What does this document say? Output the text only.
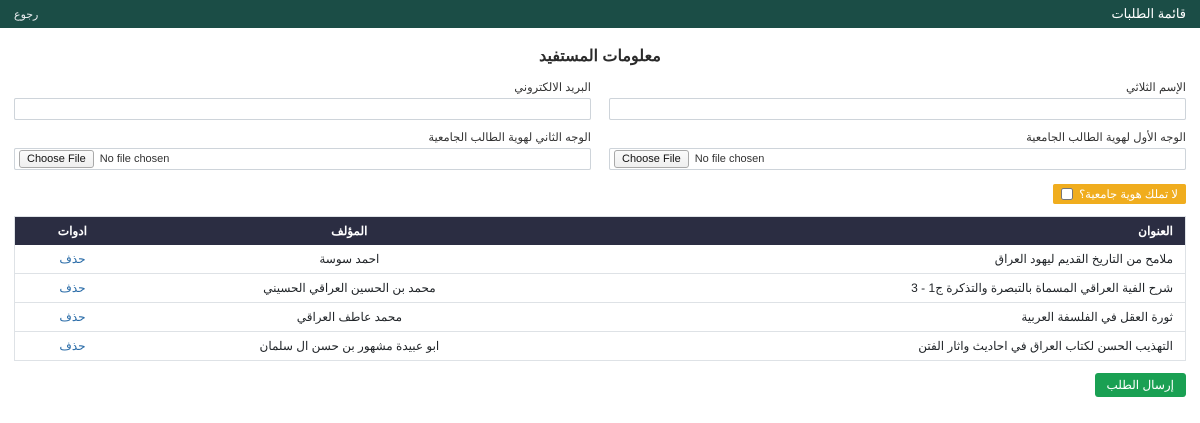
قائمة الطلبات
رجوع
معلومات المستفيد
الإسم الثلاثي
البريد الالكتروني
الوجه الأول لهوية الطالب الجامعية
Choose File	No file chosen
الوجه الثاني لهوية الطالب الجامعية
Choose File	No file chosen
لا تملك هوية جامعية؟
العنوان	المؤلف	ادوات
ملامح من التاريخ القديم ليهود العراق	احمد سوسة	حذف
شرح الفية العراقي المسماة بالتبصرة والتذكرة ج1 - 3	محمد بن الحسين العراقي الحسيني	حذف
ثورة العقل في الفلسفة العربية	محمد عاطف العراقي	حذف
التهذيب الحسن لكتاب العراق في احاديث واثار الفتن	ابو عبيدة مشهور بن حسن ال سلمان	حذف
إرسال الطلب
